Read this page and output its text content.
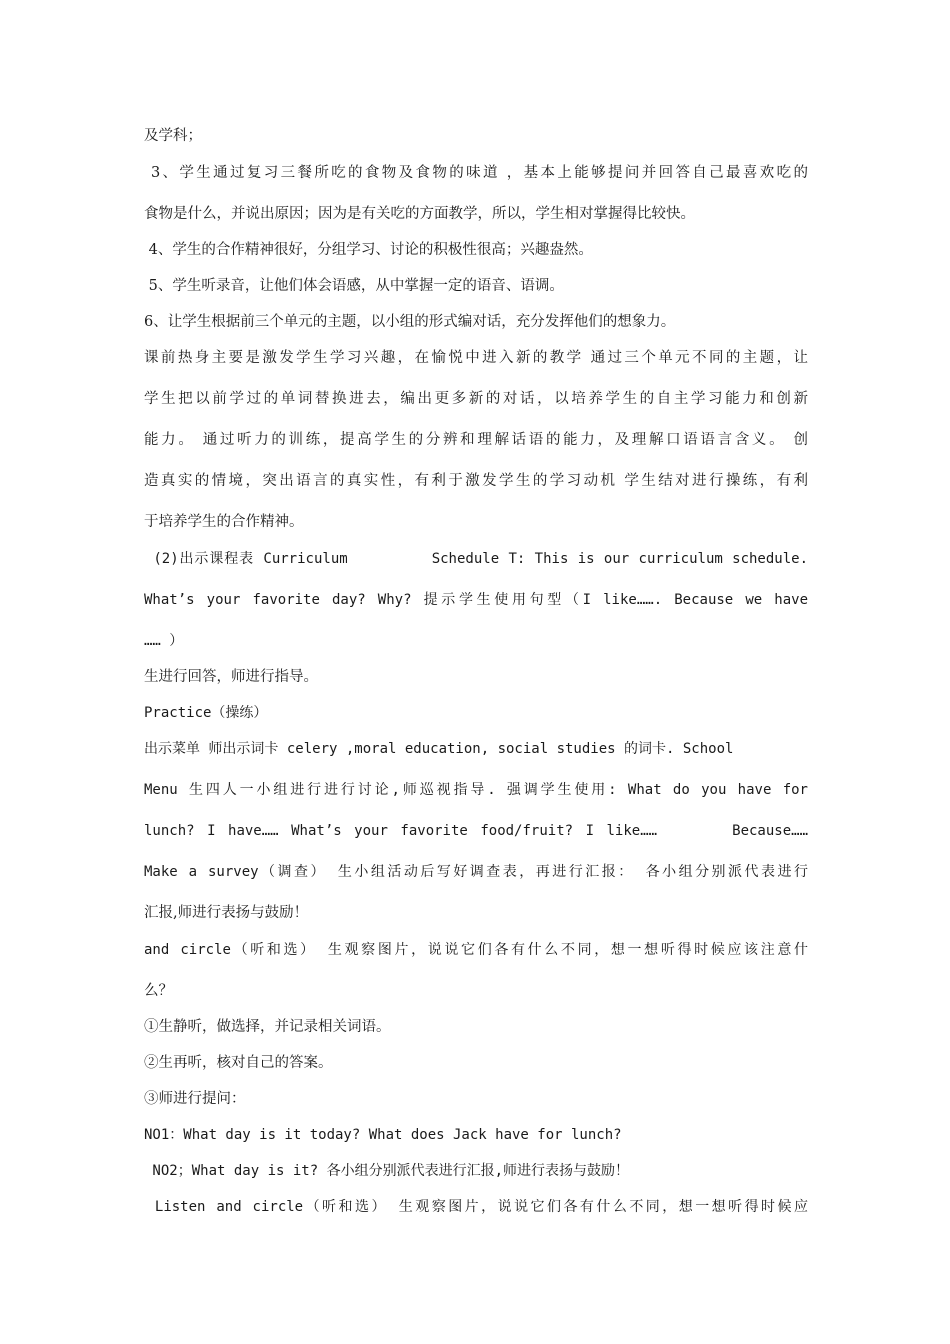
及学科；
3、学生通过复习三餐所吃的食物及食物的味道 ，基本上能够提问并回答自己最喜欢吃的
食物是什么，并说出原因；因为是有关吃的方面教学，所以，学生相对掌握得比较快。
4、学生的合作精神很好，分组学习、讨论的积极性很高；兴趣盎然。
5、学生听录音，让他们体会语感，从中掌握一定的语音、语调。
6、让学生根据前三个单元的主题，以小组的形式编对话，充分发挥他们的想象力。
课前热身主要是激发学生学习兴趣，在愉悦中进入新的教学 通过三个单元不同的主题，让
学生把以前学过的单词替换进去，编出更多新的对话，以培养学生的自主学习能力和创新
能力。 通过听力的训练，提高学生的分辨和理解话语的能力，及理解口语语言含义。 创
造真实的情境，突出语言的真实性，有利于激发学生的学习动机 学生结对进行操练，有利
于培养学生的合作精神。
(2)出示课程表 Curriculum         Schedule T: This is our curriculum schedule.
What’s your favorite day? Why? 提示学生使用句型（I like……. Because we have
…… ）
生进行回答，师进行指导。
Practice（操练）
出示菜单 师出示词卡 celery ,moral education, social studies 的词卡. School
Menu 生四人一小组进行进行讨论,师巡视指导. 强调学生使用: What do you have for
lunch? I have…… What’s your favorite food/fruit? I like……      Because……
Make a survey（调查） 生小组活动后写好调查表，再进行汇报： 各小组分别派代表进行
汇报,师进行表扬与鼓励！
and circle（听和选） 生观察图片，说说它们各有什么不同，想一想听得时候应该注意什
么？
①生静听，做选择，并记录相关词语。
②生再听，核对自己的答案。
③师进行提问：
NO1：What day is it today? What does Jack have for lunch?
NO2；What day is it? 各小组分别派代表进行汇报,师进行表扬与鼓励！
Listen and circle（听和选） 生观察图片，说说它们各有什么不同，想一想听得时候应
